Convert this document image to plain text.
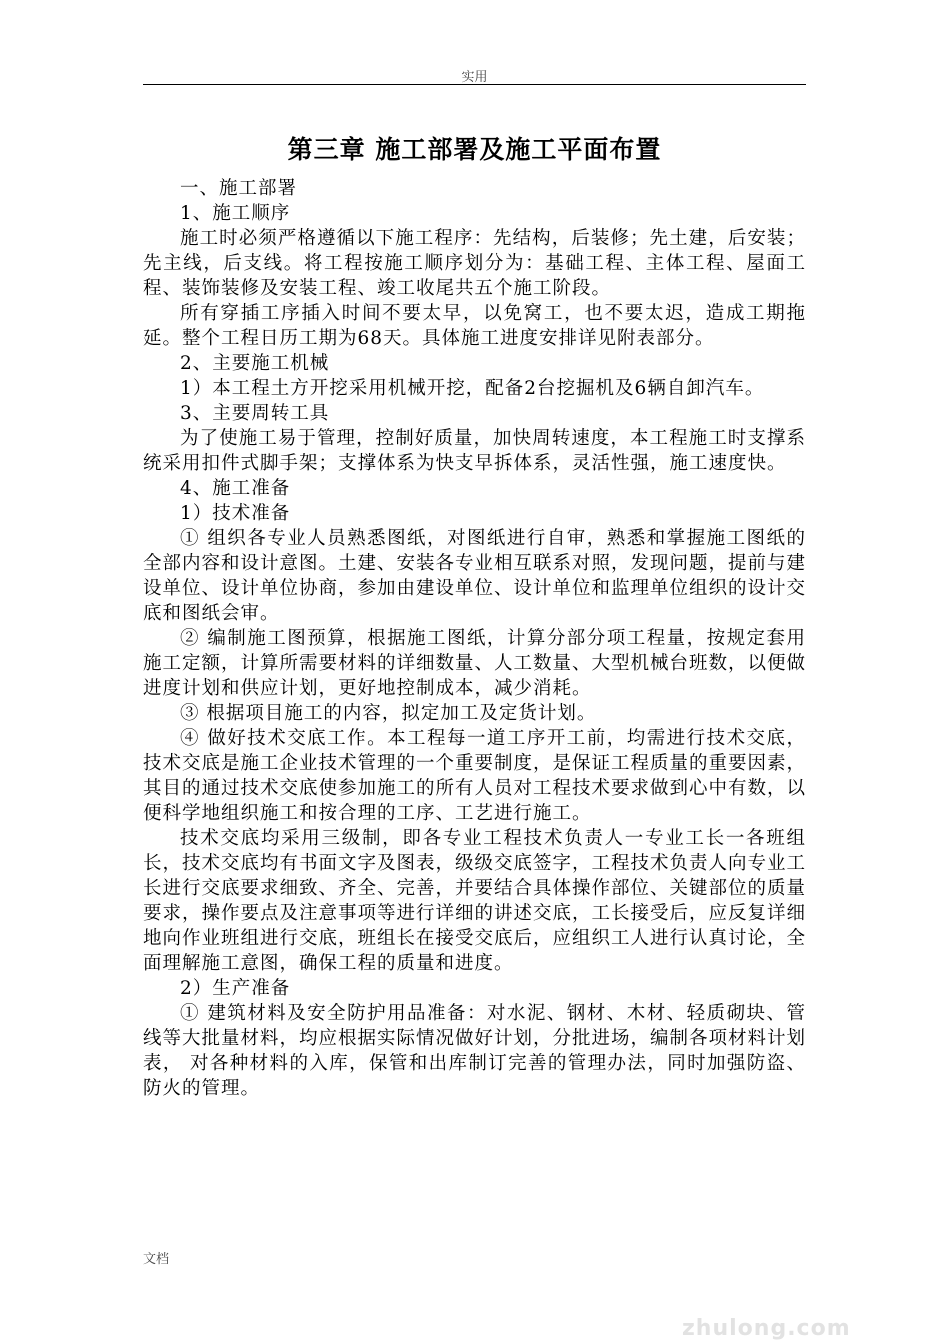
实用
第三章 施工部署及施工平面布置

一、施工部署

1、施工顺序

施工时必须严格遵循以下施工程序：先结构，后装修；先土建，后安装；先主线，后支线。将工程按施工顺序划分为：基础工程、主体工程、屋面工程、装饰装修及安装工程、竣工收尾共五个施工阶段。

所有穿插工序插入时间不要太早，以免窝工，也不要太迟，造成工期拖延。整个工程日历工期为68天。具体施工进度安排详见附表部分。

2、主要施工机械

1）本工程土方开挖采用机械开挖，配备2台挖掘机及6辆自卸汽车。

3、主要周转工具

为了使施工易于管理，控制好质量，加快周转速度，本工程施工时支撑系统采用扣件式脚手架；支撑体系为快支早拆体系，灵活性强，施工速度快。

4、施工准备

1）技术准备

① 组织各专业人员熟悉图纸，对图纸进行自审，熟悉和掌握施工图纸的全部内容和设计意图。土建、安装各专业相互联系对照，发现问题，提前与建设单位、设计单位协商，参加由建设单位、设计单位和监理单位组织的设计交底和图纸会审。

② 编制施工图预算，根据施工图纸，计算分部分项工程量，按规定套用施工定额，计算所需要材料的详细数量、人工数量、大型机械台班数，以便做进度计划和供应计划，更好地控制成本，减少消耗。

③ 根据项目施工的内容，拟定加工及定货计划。

④ 做好技术交底工作。本工程每一道工序开工前，均需进行技术交底，技术交底是施工企业技术管理的一个重要制度，是保证工程质量的重要因素，其目的通过技术交底使参加施工的所有人员对工程技术要求做到心中有数，以便科学地组织施工和按合理的工序、工艺进行施工。

技术交底均采用三级制，即各专业工程技术负责人一专业工长一各班组长，技术交底均有书面文字及图表，级级交底签字，工程技术负责人向专业工长进行交底要求细致、齐全、完善，并要结合具体操作部位、关键部位的质量要求，操作要点及注意事项等进行详细的讲述交底，工长接受后，应反复详细地向作业班组进行交底，班组长在接受交底后，应组织工人进行认真讨论，全面理解施工意图，确保工程的质量和进度。

2）生产准备

① 建筑材料及安全防护用品准备：对水泥、钢材、木材、轻质砌块、管线等大批量材料，均应根据实际情况做好计划，分批进场，编制各项材料计划表， 对各种材料的入库，保管和出库制订完善的管理办法，同时加强防盗、防火的管理。

文档
zhulong.com
